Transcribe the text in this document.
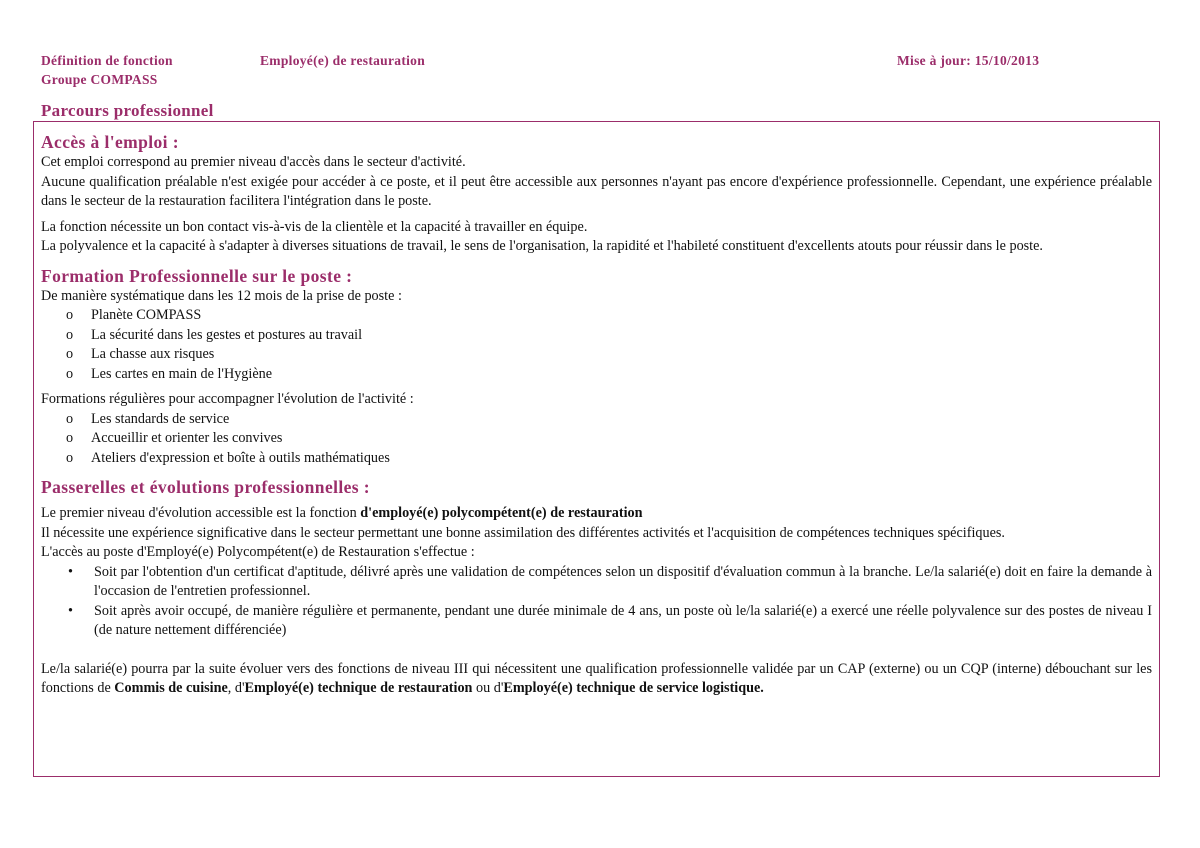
Définition de fonction
Groupe COMPASS
Employé(e) de restauration	Mise à jour: 15/10/2013
Parcours professionnel
Accès à l'emploi :

Cet emploi correspond au premier niveau d'accès dans le secteur d'activité.

Aucune qualification préalable n'est exigée pour accéder à ce poste, et il peut être accessible aux personnes n'ayant pas encore d'expérience professionnelle. Cependant, une expérience préalable dans le secteur de la restauration facilitera l'intégration dans le poste.

La fonction nécessite un bon contact vis-à-vis de la clientèle et la capacité à travailler en équipe.

La polyvalence et la capacité à s'adapter à diverses situations de travail, le sens de l'organisation, la rapidité et l'habileté constituent d'excellents atouts pour réussir dans le poste.

Formation Professionnelle sur le poste :

De manière systématique dans les 12 mois de la prise de poste :

o Planète COMPASS
o La sécurité dans les gestes et postures au travail
o La chasse aux risques
o Les cartes en main de l'Hygiène

Formations régulières pour accompagner l'évolution de l'activité :

o Les standards de service
o Accueillir et orienter les convives
o Ateliers d'expression et boîte à outils mathématiques
Passerelles et évolutions professionnelles :

Le premier niveau d'évolution accessible est la fonction d'employé(e) polycompétent(e) de restauration

Il nécessite une expérience significative dans le secteur permettant une bonne assimilation des différentes activités et l'acquisition de compétences techniques spécifiques.

L'accès au poste d'Employé(e) Polycompétent(e) de Restauration s'effectue :

• Soit par l'obtention d'un certificat d'aptitude, délivré après une validation de compétences selon un dispositif d'évaluation commun à la branche. Le/la salarié(e) doit en faire la demande à l'occasion de l'entretien professionnel.
• Soit après avoir occupé, de manière régulière et permanente, pendant une durée minimale de 4 ans, un poste où le/la salarié(e) a exercé une réelle polyvalence sur des postes de niveau I (de nature nettement différenciée)

Le/la salarié(e) pourra par la suite évoluer vers des fonctions de niveau III qui nécessitent une qualification professionnelle validée par un CAP (externe) ou un CQP (interne) débouchant sur les fonctions de Commis de cuisine, d'Employé(e) technique de restauration ou d'Employé(e) technique de service logistique.
